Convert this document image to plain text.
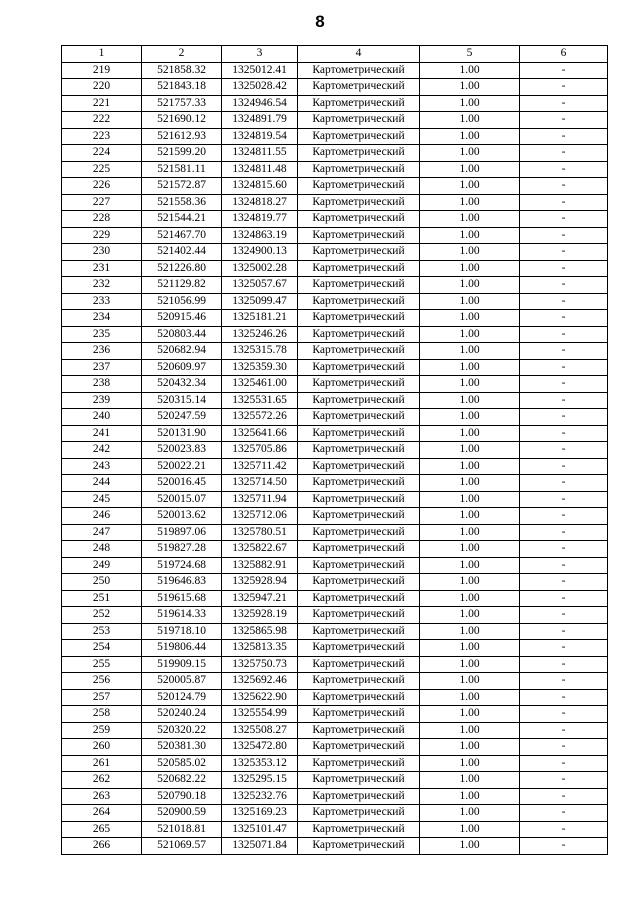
8
1	2	3	4	5	6
219	521858.32	1325012.41	Картометрический	1.00	-
220	521843.18	1325028.42	Картометрический	1.00	-
221	521757.33	1324946.54	Картометрический	1.00	-
222	521690.12	1324891.79	Картометрический	1.00	-
223	521612.93	1324819.54	Картометрический	1.00	-
224	521599.20	1324811.55	Картометрический	1.00	-
225	521581.11	1324811.48	Картометрический	1.00	-
226	521572.87	1324815.60	Картометрический	1.00	-
227	521558.36	1324818.27	Картометрический	1.00	-
228	521544.21	1324819.77	Картометрический	1.00	-
229	521467.70	1324863.19	Картометрический	1.00	-
230	521402.44	1324900.13	Картометрический	1.00	-
231	521226.80	1325002.28	Картометрический	1.00	-
232	521129.82	1325057.67	Картометрический	1.00	-
233	521056.99	1325099.47	Картометрический	1.00	-
234	520915.46	1325181.21	Картометрический	1.00	-
235	520803.44	1325246.26	Картометрический	1.00	-
236	520682.94	1325315.78	Картометрический	1.00	-
237	520609.97	1325359.30	Картометрический	1.00	-
238	520432.34	1325461.00	Картометрический	1.00	-
239	520315.14	1325531.65	Картометрический	1.00	-
240	520247.59	1325572.26	Картометрический	1.00	-
241	520131.90	1325641.66	Картометрический	1.00	-
242	520023.83	1325705.86	Картометрический	1.00	-
243	520022.21	1325711.42	Картометрический	1.00	-
244	520016.45	1325714.50	Картометрический	1.00	-
245	520015.07	1325711.94	Картометрический	1.00	-
246	520013.62	1325712.06	Картометрический	1.00	-
247	519897.06	1325780.51	Картометрический	1.00	-
248	519827.28	1325822.67	Картометрический	1.00	-
249	519724.68	1325882.91	Картометрический	1.00	-
250	519646.83	1325928.94	Картометрический	1.00	-
251	519615.68	1325947.21	Картометрический	1.00	-
252	519614.33	1325928.19	Картометрический	1.00	-
253	519718.10	1325865.98	Картометрический	1.00	-
254	519806.44	1325813.35	Картометрический	1.00	-
255	519909.15	1325750.73	Картометрический	1.00	-
256	520005.87	1325692.46	Картометрический	1.00	-
257	520124.79	1325622.90	Картометрический	1.00	-
258	520240.24	1325554.99	Картометрический	1.00	-
259	520320.22	1325508.27	Картометрический	1.00	-
260	520381.30	1325472.80	Картометрический	1.00	-
261	520585.02	1325353.12	Картометрический	1.00	-
262	520682.22	1325295.15	Картометрический	1.00	-
263	520790.18	1325232.76	Картометрический	1.00	-
264	520900.59	1325169.23	Картометрический	1.00	-
265	521018.81	1325101.47	Картометрический	1.00	-
266	521069.57	1325071.84	Картометрический	1.00	-
